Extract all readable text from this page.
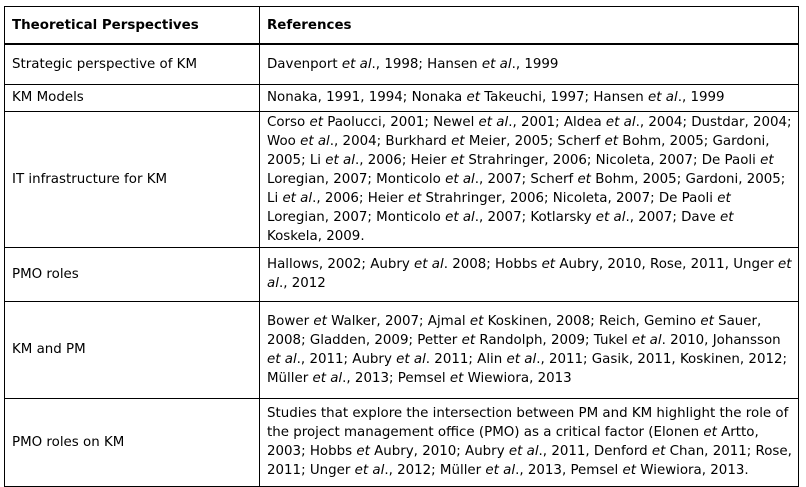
Theoretical Perspectives	References
Strategic perspective of KM	Davenport et al., 1998; Hansen et al., 1999
KM Models	Nonaka, 1991, 1994; Nonaka et Takeuchi, 1997; Hansen et al., 1999
IT infrastructure for KM	Corso et Paolucci, 2001; Newel et al., 2001; Aldea et al., 2004; Dustdar, 2004; Woo et al., 2004; Burkhard et Meier, 2005; Scherf et Bohm, 2005; Gardoni, 2005; Li et al., 2006; Heier et Strahringer, 2006; Nicoleta, 2007; De Paoli et Loregian, 2007; Monticolo et al., 2007; Scherf et Bohm, 2005; Gardoni, 2005; Li et al., 2006; Heier et Strahringer, 2006; Nicoleta, 2007; De Paoli et Loregian, 2007; Monticolo et al., 2007; Kotlarsky et al., 2007; Dave et Koskela, 2009.
PMO roles	Hallows, 2002; Aubry et al. 2008; Hobbs et Aubry, 2010, Rose, 2011, Unger et al., 2012
KM and PM	Bower et Walker, 2007; Ajmal et Koskinen, 2008; Reich, Gemino et Sauer, 2008; Gladden, 2009; Petter et Randolph, 2009; Tukel et al. 2010, Johansson et al., 2011; Aubry et al. 2011; Alin et al., 2011; Gasik, 2011, Koskinen, 2012; Müller et al., 2013; Pemsel et Wiewiora, 2013
PMO roles on KM	Studies that explore the intersection between PM and KM highlight the role of the project management office (PMO) as a critical factor (Elonen et Artto, 2003; Hobbs et Aubry, 2010; Aubry et al., 2011, Denford et Chan, 2011; Rose, 2011; Unger et al., 2012; Müller et al., 2013, Pemsel et Wiewiora, 2013.
